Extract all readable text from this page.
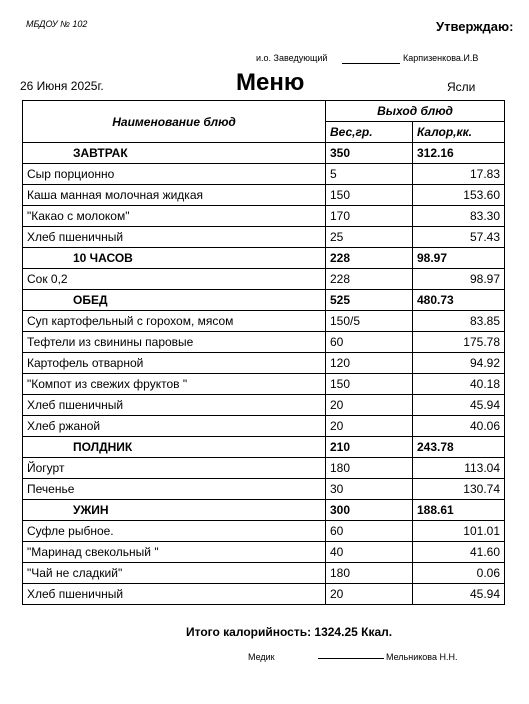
МБДОУ № 102	Утверждаю:
и.о. Заведующий	Карпизенкова.И.В
26 Июня 2025г.	Меню	Ясли
Наименование блюд	Выход блюд	
	Вес,гр.	Калор,кк.
ЗАВТРАК	350	312.16
Сыр порционно	5	17.83
Каша манная молочная жидкая	150	153.60
"Какао с молоком"	170	83.30
Хлеб пшеничный	25	57.43
10 ЧАСОВ	228	98.97
Сок 0,2	228	98.97
ОБЕД	525	480.73
Суп картофельный с горохом, мясом	150/5	83.85
Тефтели из свинины паровые	60	175.78
Картофель отварной	120	94.92
"Компот из свежих фруктов "	150	40.18
Хлеб пшеничный	20	45.94
Хлеб ржаной	20	40.06
ПОЛДНИК	210	243.78
Йогурт	180	113.04
Печенье	30	130.74
УЖИН	300	188.61
Суфле рыбное.	60	101.01
"Маринад свекольный "	40	41.60
"Чай не сладкий"	180	0.06
Хлеб пшеничный	20	45.94
Итого калорийность: 1324.25 Ккал.
Медик	Мельникова Н.Н.
